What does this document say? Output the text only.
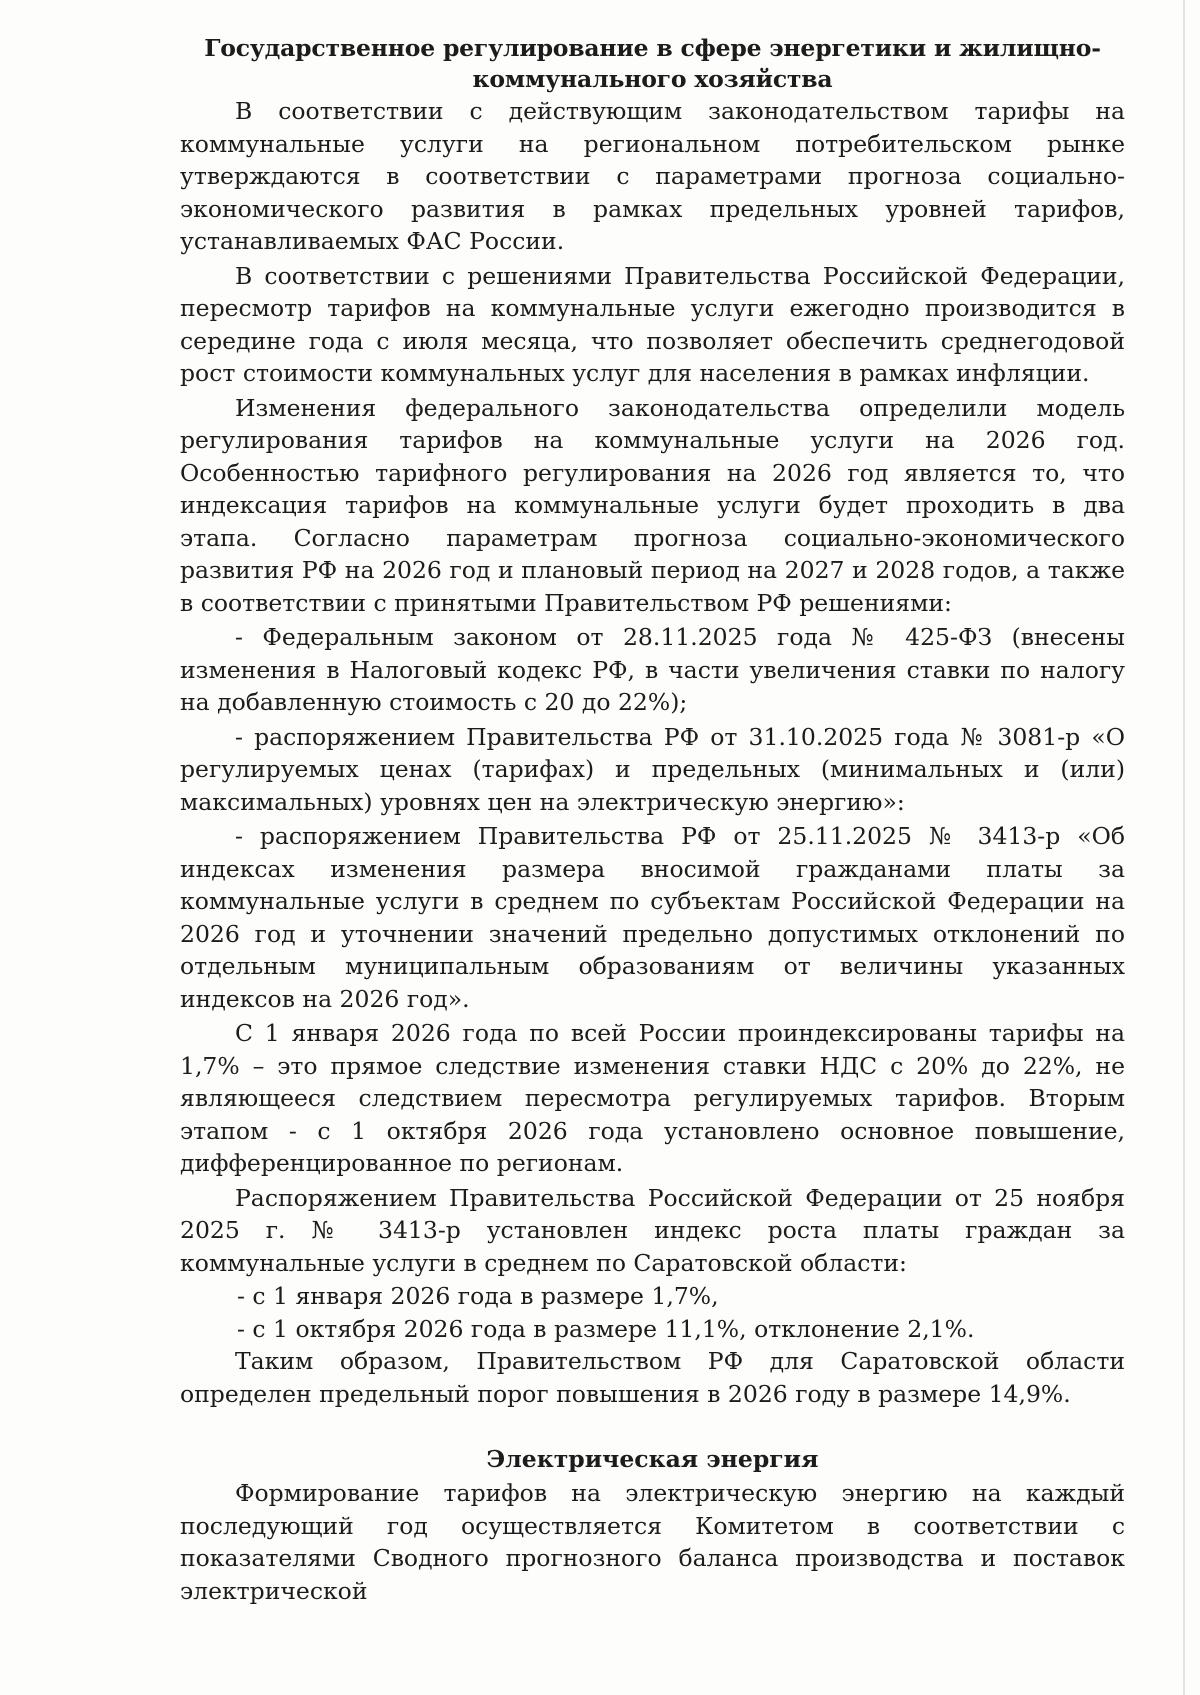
Государственное регулирование в сфере энергетики и жилищно-
коммунального хозяйства

В соответствии с действующим законодательством тарифы на коммунальные услуги на региональном потребительском рынке утверждаются в соответствии с параметрами прогноза социально-экономического развития в рамках предельных уровней тарифов, устанавливаемых ФАС России.

В соответствии с решениями Правительства Российской Федерации, пересмотр тарифов на коммунальные услуги ежегодно производится в середине года с июля месяца, что позволяет обеспечить среднегодовой рост стоимости коммунальных услуг для населения в рамках инфляции.

Изменения федерального законодательства определили модель регулирования тарифов на коммунальные услуги на 2026 год. Особенностью тарифного регулирования на 2026 год является то, что индексация тарифов на коммунальные услуги будет проходить в два этапа. Согласно параметрам прогноза социально-экономического развития РФ на 2026 год и плановый период на 2027 и 2028 годов, а также в соответствии с принятыми Правительством РФ решениями:

- Федеральным законом от 28.11.2025 года № 425-ФЗ (внесены изменения в Налоговый кодекс РФ, в части увеличения ставки по налогу на добавленную стоимость с 20 до 22%);

- распоряжением Правительства РФ от 31.10.2025 года № 3081-р «О регулируемых ценах (тарифах) и предельных (минимальных и (или) максимальных) уровнях цен на электрическую энергию»:

- распоряжением Правительства РФ от 25.11.2025 № 3413-р «Об индексах изменения размера вносимой гражданами платы за коммунальные услуги в среднем по субъектам Российской Федерации на 2026 год и уточнении значений предельно допустимых отклонений по отдельным муниципальным образованиям от величины указанных индексов на 2026 год».

С 1 января 2026 года по всей России проиндексированы тарифы на 1,7% – это прямое следствие изменения ставки НДС с 20% до 22%, не являющееся следствием пересмотра регулируемых тарифов. Вторым этапом - с 1 октября 2026 года установлено основное повышение, дифференцированное по регионам.

Распоряжением Правительства Российской Федерации от 25 ноября 2025 г. № 3413-р установлен индекс роста платы граждан за коммунальные услуги в среднем по Саратовской области:

- с 1 января 2026 года в размере 1,7%,

- с 1 октября 2026 года в размере 11,1%, отклонение 2,1%.

Таким образом, Правительством РФ для Саратовской области определен предельный порог повышения в 2026 году в размере 14,9%.

Электрическая энергия

Формирование тарифов на электрическую энергию на каждый последующий год осуществляется Комитетом в соответствии с показателями Сводного прогнозного баланса производства и поставок электрической
